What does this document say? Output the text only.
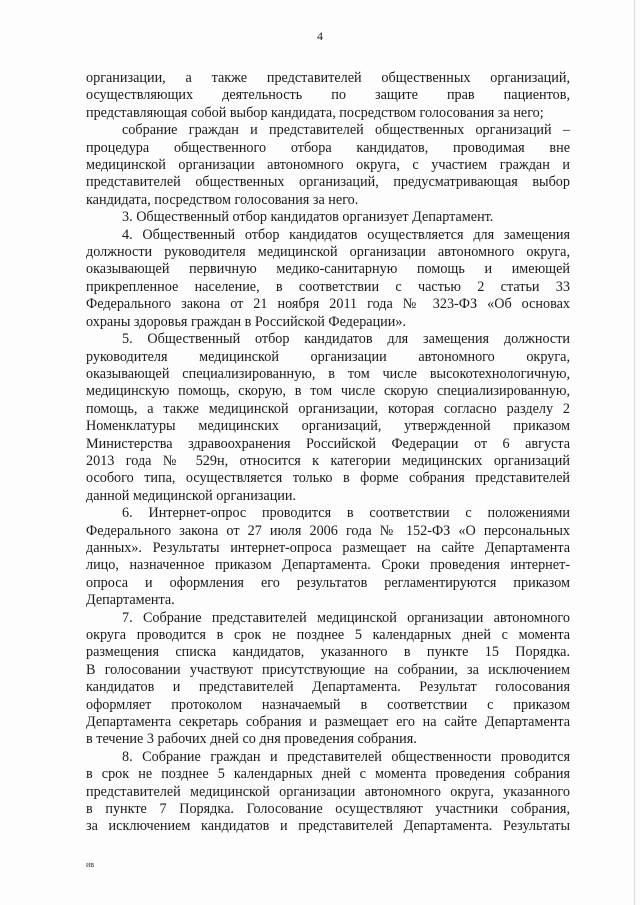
4

организации, а также представителей общественных организаций,

осуществляющих деятельность по защите прав пациентов,

представляющая собой выбор кандидата, посредством голосования за него;

собрание граждан и представителей общественных организаций –

процедура общественного отбора кандидатов, проводимая вне

медицинской организации автономного округа, с участием граждан и

представителей общественных организаций, предусматривающая выбор

кандидата, посредством голосования за него.

3. Общественный отбор кандидатов организует Департамент.

4. Общественный отбор кандидатов осуществляется для замещения

должности руководителя медицинской организации автономного округа,

оказывающей первичную медико-санитарную помощь и имеющей

прикрепленное население, в соответствии с частью 2 статьи 33

Федерального закона от 21 ноября 2011 года № 323-ФЗ «Об основах

охраны здоровья граждан в Российской Федерации».

5. Общественный отбор кандидатов для замещения должности

руководителя медицинской организации автономного округа,

оказывающей специализированную, в том числе высокотехнологичную,

медицинскую помощь, скорую, в том числе скорую специализированную,

помощь, а также медицинской организации, которая согласно разделу 2

Номенклатуры медицинских организаций, утвержденной приказом

Министерства здравоохранения Российской Федерации от 6 августа

2013 года № 529н, относится к категории медицинских организаций

особого типа, осуществляется только в форме собрания представителей

данной медицинской организации.

6. Интернет-опрос проводится в соответствии с положениями

Федерального закона от 27 июля 2006 года № 152-ФЗ «О персональных

данных». Результаты интернет-опроса размещает на сайте Департамента

лицо, назначенное приказом Департамента. Сроки проведения интернет-

опроса и оформления его результатов регламентируются приказом

Департамента.

7. Собрание представителей медицинской организации автономного

округа проводится в срок не позднее 5 календарных дней с момента

размещения списка кандидатов, указанного в пункте 15 Порядка.

В голосовании участвуют присутствующие на собрании, за исключением

кандидатов и представителей Департамента. Результат голосования

оформляет протоколом назначаемый в соответствии с приказом

Департамента секретарь собрания и размещает его на сайте Департамента

в течение 3 рабочих дней со дня проведения собрания.

8. Собрание граждан и представителей общественности проводится

в срок не позднее 5 календарных дней с момента проведения собрания

представителей медицинской организации автономного округа, указанного

в пункте 7 Порядка. Голосование осуществляют участники собрания,

за исключением кандидатов и представителей Департамента. Результаты

ив
